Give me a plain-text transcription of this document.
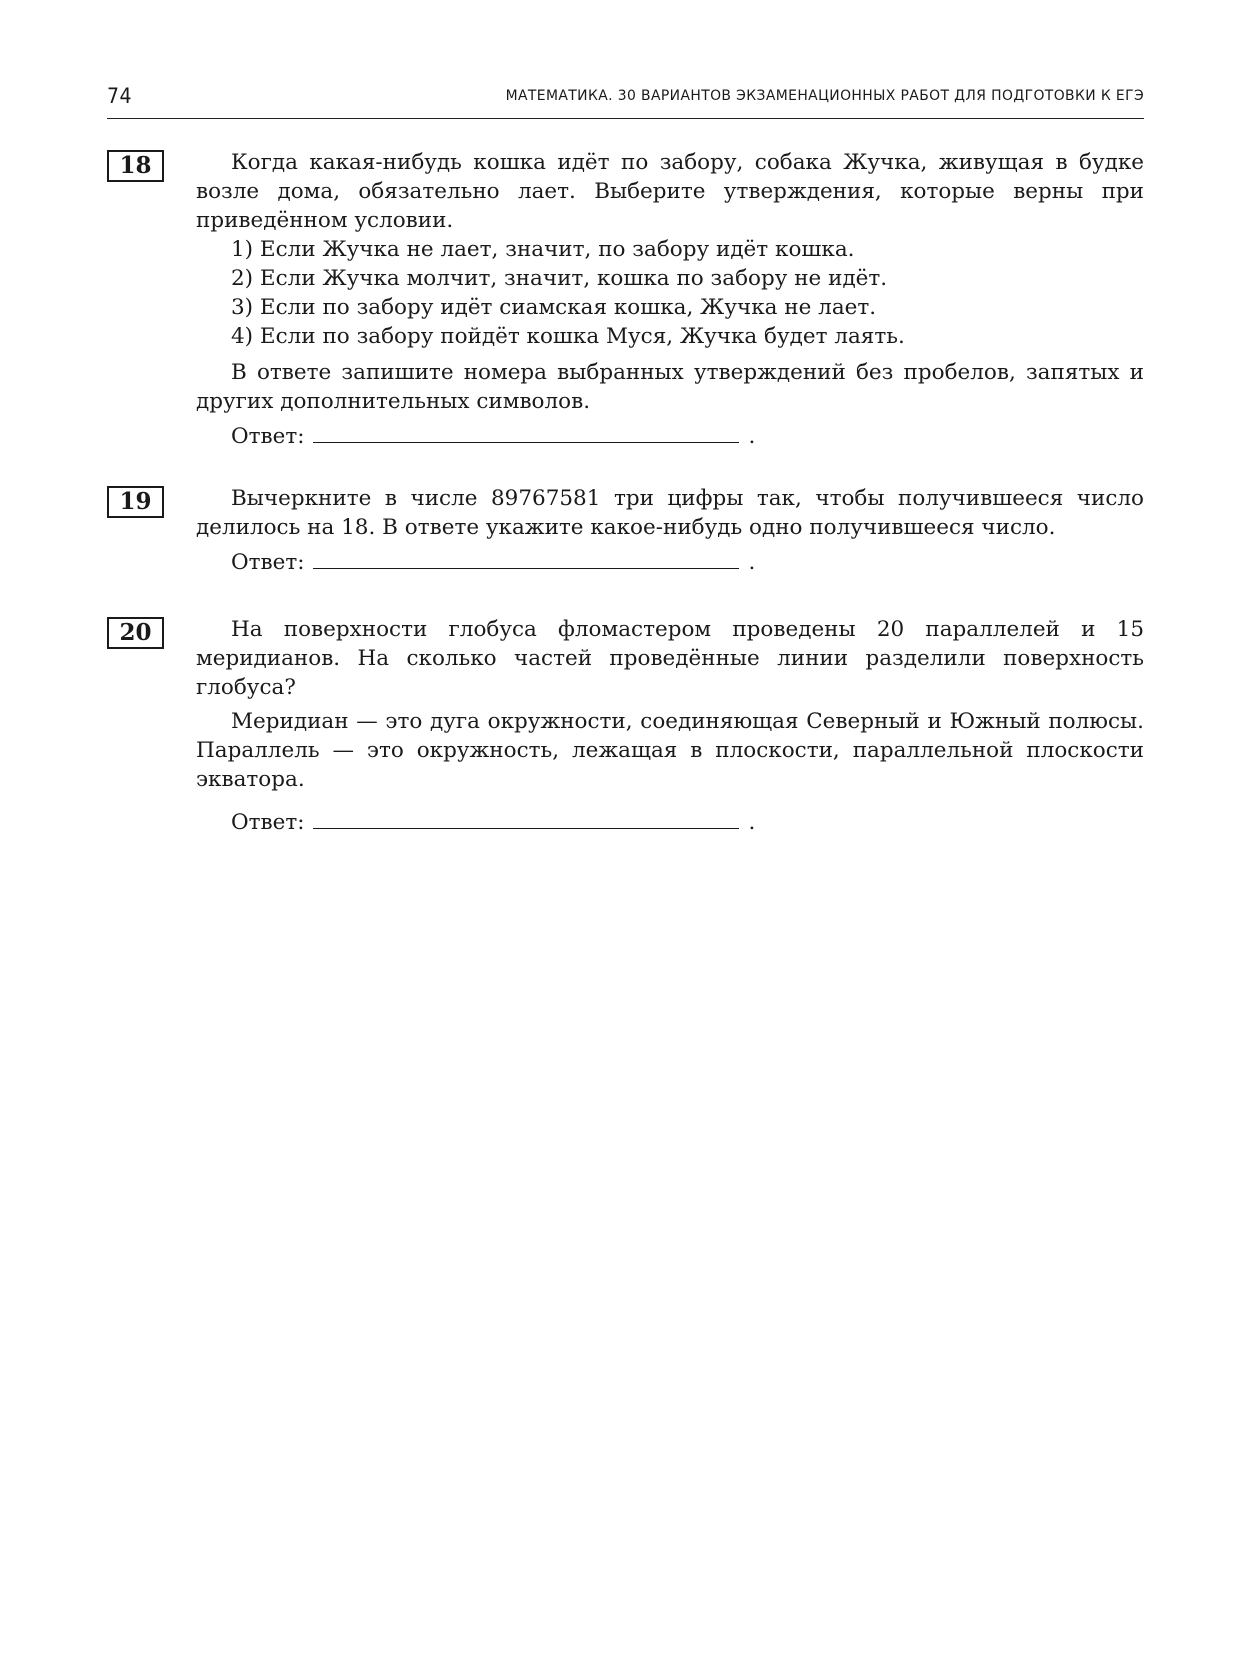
74	МАТЕМАТИКА. 30 ВАРИАНТОВ ЭКЗАМЕНАЦИОННЫХ РАБОТ ДЛЯ ПОДГОТОВКИ К ЕГЭ
18	Когда какая-нибудь кошка идёт по забору, собака Жучка, живущая в будке возле дома, обязательно лает. Выберите утверждения, которые верны при приведённом условии.

1) Если Жучка не лает, значит, по забору идёт кошка.

2) Если Жучка молчит, значит, кошка по забору не идёт.

3) Если по забору идёт сиамская кошка, Жучка не лает.

4) Если по забору пойдёт кошка Муся, Жучка будет лаять.

В ответе запишите номера выбранных утверждений без пробелов, запятых и других дополнительных символов.

Ответ:	.
19	Вычеркните в числе 89767581 три цифры так, чтобы получившееся число делилось на 18. В ответе укажите какое-нибудь одно получившееся число.

Ответ:	.
20	На поверхности глобуса фломастером проведены 20 параллелей и 15 меридианов. На сколько частей проведённые линии разделили поверхность глобуса?

Меридиан — это дуга окружности, соединяющая Северный и Южный полюсы. Параллель — это окружность, лежащая в плоскости, параллельной плоскости экватора.

Ответ:	.
